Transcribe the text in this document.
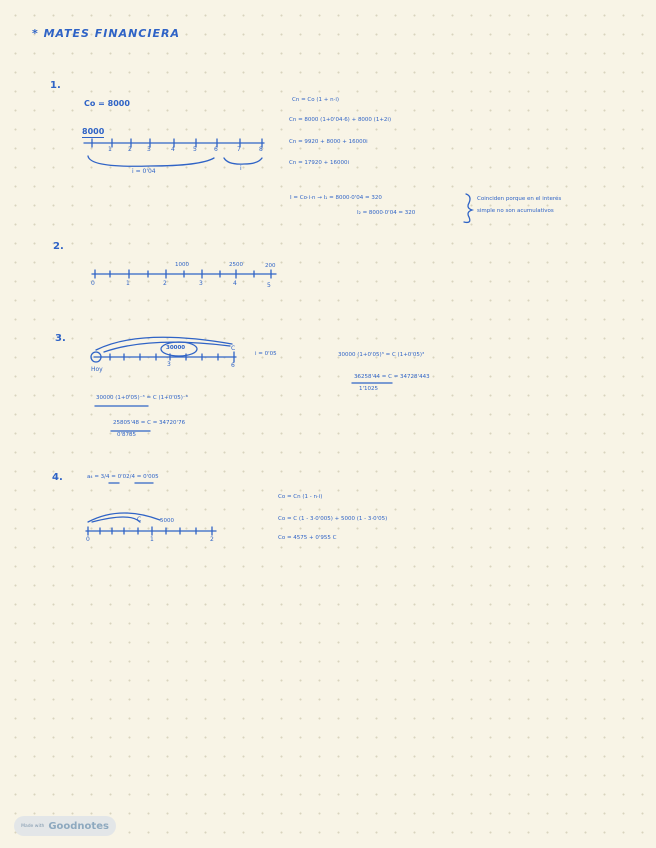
* MATES FINANCIERA
1.
Co = 8000
8000
1	2	3	4	5	6	7	8
i = 0'04	i
Cn = Co (1 + n·i)
Cn = 8000 (1+0'04·6) + 8000 (1+2i)
Cn = 9920 + 8000 + 16000i
Cn = 17920 + 16000i
I = Co·i·n → I₁ = 8000·0'04 = 320
I₂ = 8000·0'04 = 320
Coinciden porque en el interés
simple no son acumulativos
2.
1000	2500	200
0	1	2	3	4	5
3.
30000	C
Hoy
3	6
i = 0'05
30000 (1+0'05)⁻³ = C (1+0'05)⁻⁶
25805'48 = C = 34720'76
0'8785
30000 (1+0'05)³ = C (1+0'05)³
36258'44 = C = 34728'443
1'1025
4.	a₄ = 3/4 = 0'02/4 = 0'005
C	5000
0	1	2
Co = Cn (1 - n·i)
Co = C (1 - 3·0'005) + 5000 (1 - 3·0'05)
Co = 4575 + 0'955 C
Made with Goodnotes
